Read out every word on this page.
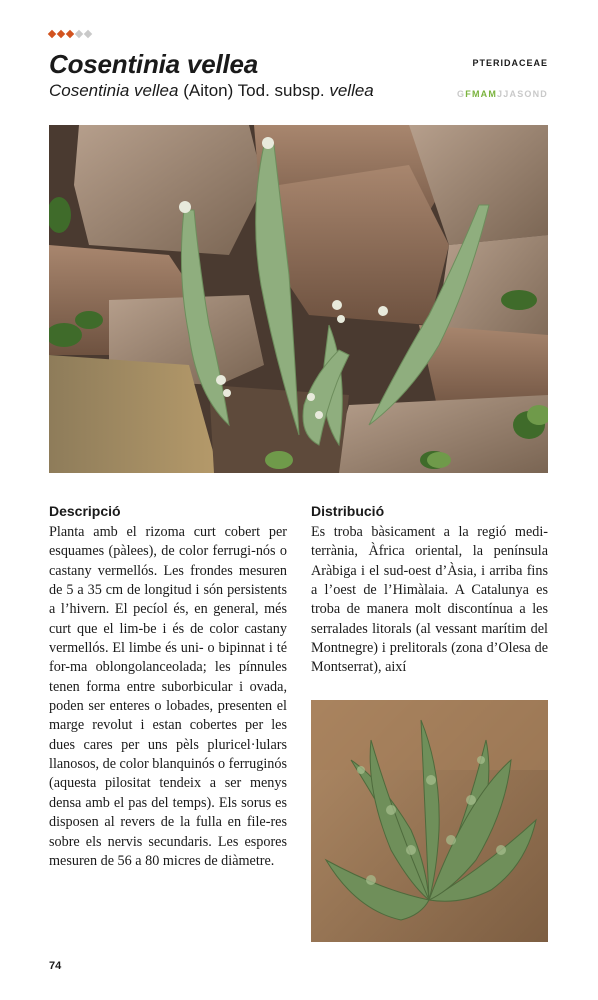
Cosentinia vellea
Cosentinia vellea (Aiton) Tod. subsp. vellea
PTERIDACEAE
G F M A M J J A S O N D
Descripció

Planta amb el rizoma curt cobert per esquames (pàlees), de color ferrugi-nós o castany vermellós. Les frondes mesuren de 5 a 35 cm de longitud i són persistents a l’hivern. El pecíol és, en general, més curt que el lim-be i és de color castany vermellós. El limbe és uni- o bipinnat i té for-ma oblongolanceolada; les pínnules tenen forma entre suborbicular i ovada, poden ser enteres o lobades, presenten el marge revolut i estan cobertes per les dues cares per uns pèls pluricel·lulars llanosos, de color blanquinós o ferruginós (aquesta pilositat tendeix a ser menys densa amb el pas del temps). Els sorus es disposen al revers de la fulla en file-res sobre els nervis secundaris. Les espores mesuren de 56 a 80 micres de diàmetre.

Distribució

Es troba bàsicament a la regió medi-terrània, Àfrica oriental, la península Aràbiga i el sud-oest d’Àsia, i arriba fins a l’oest de l’Himàlaia. A Catalunya es troba de manera molt discontínua a les serralades litorals (al vessant marítim del Montnegre) i prelitorals (zona d’Olesa de Montserrat), així

74
